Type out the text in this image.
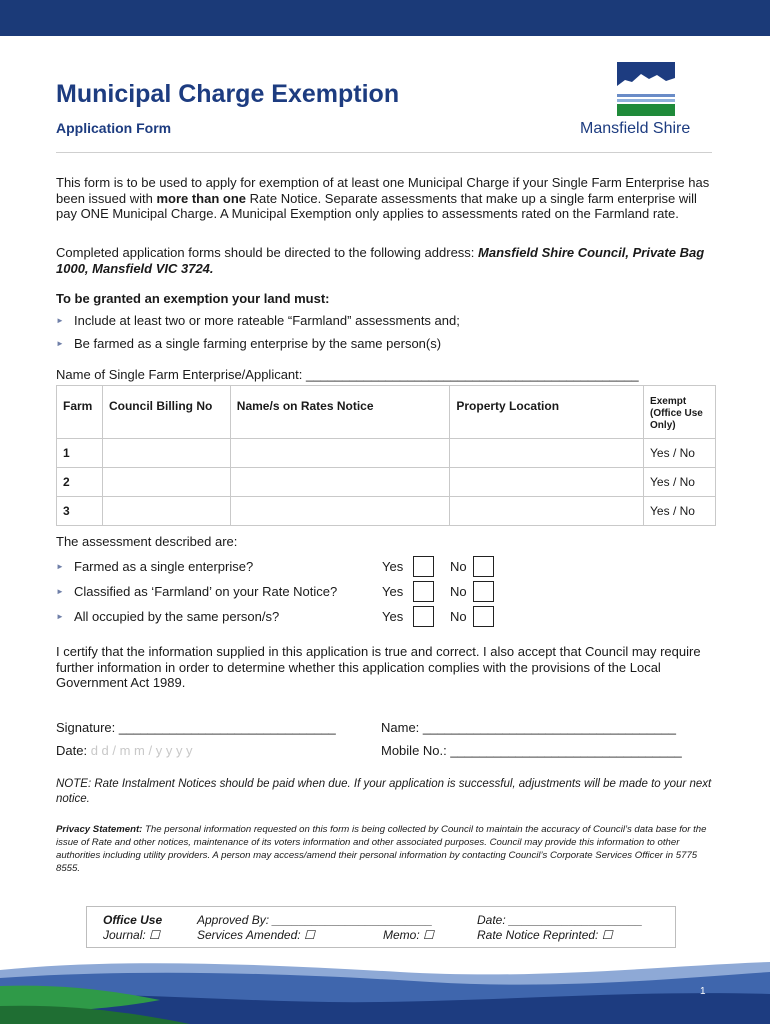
Municipal Charge Exemption
Application Form	Mansfield Shire
This form is to be used to apply for exemption of at least one Municipal Charge if your Single Farm Enterprise has been issued with more than one Rate Notice. Separate assessments that make up a single farm enterprise will pay ONE Municipal Charge. A Municipal Exemption only applies to assessments rated on the Farmland rate.
Completed application forms should be directed to the following address: Mansfield Shire Council, Private Bag 1000, Mansfield VIC 3724.
To be granted an exemption your land must:
► Include at least two or more rateable “Farmland” assessments and;
► Be farmed as a single farming enterprise by the same person(s)
Name of Single Farm Enterprise/Applicant: ______________________________________________
Farm	Council Billing No	Name/s on Rates Notice	Property Location	Exempt (Office Use Only)
1				Yes / No
2				Yes / No
3				Yes / No
The assessment described are:
► Farmed as a single enterprise?	Yes	No
► Classified as ‘Farmland’ on your Rate Notice?	Yes	No
► All occupied by the same person/s?	Yes	No
I certify that the information supplied in this application is true and correct. I also accept that Council may require further information in order to determine whether this application complies with the provisions of the Local Government Act 1989.
Signature: ______________________________	Name: ___________________________________
Date: d d / m m / y y y y	Mobile No.: ________________________________
NOTE: Rate Instalment Notices should be paid when due. If your application is successful, adjustments will be made to your next notice.
Privacy Statement: The personal information requested on this form is being collected by Council to maintain the accuracy of Council’s data base for the issue of Rate and other notices, maintenance of its voters information and other associated purposes. Council may provide this information to other authorities including utility providers. A person may access/amend their personal information by contacting Council’s Corporate Services Officer in 5775 8555.
Office Use
Journal: ☐
Approved By: ________________________
Services Amended: ☐	Memo: ☐
Date: ____________________
Rate Notice Reprinted: ☐
1
